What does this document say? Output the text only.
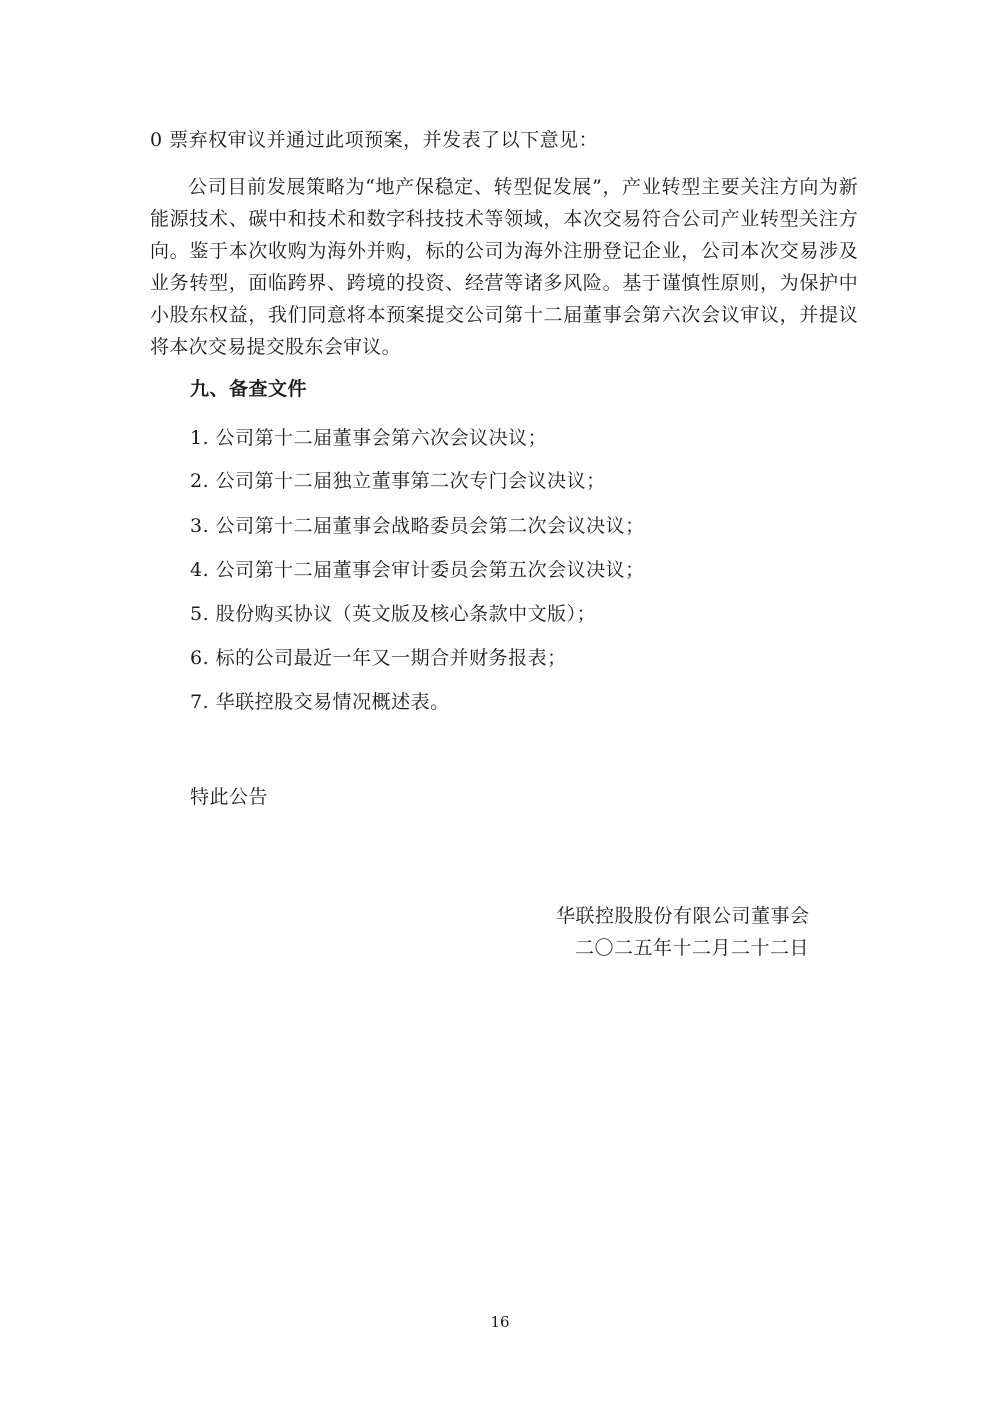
0 票弃权审议并通过此项预案，并发表了以下意见：
公司目前发展策略为“地产保稳定、转型促发展”，产业转型主要关注方向为新能源技术、碳中和技术和数字科技技术等领域，本次交易符合公司产业转型关注方向。鉴于本次收购为海外并购，标的公司为海外注册登记企业，公司本次交易涉及业务转型，面临跨界、跨境的投资、经营等诸多风险。基于谨慎性原则，为保护中小股东权益，我们同意将本预案提交公司第十二届董事会第六次会议审议，并提议将本次交易提交股东会审议。
九、备查文件
1. 公司第十二届董事会第六次会议决议；
2. 公司第十二届独立董事第二次专门会议决议；
3. 公司第十二届董事会战略委员会第二次会议决议；
4. 公司第十二届董事会审计委员会第五次会议决议；
5. 股份购买协议（英文版及核心条款中文版）；
6. 标的公司最近一年又一期合并财务报表；
7. 华联控股交易情况概述表。
特此公告
华联控股股份有限公司董事会
二〇二五年十二月二十二日
16
